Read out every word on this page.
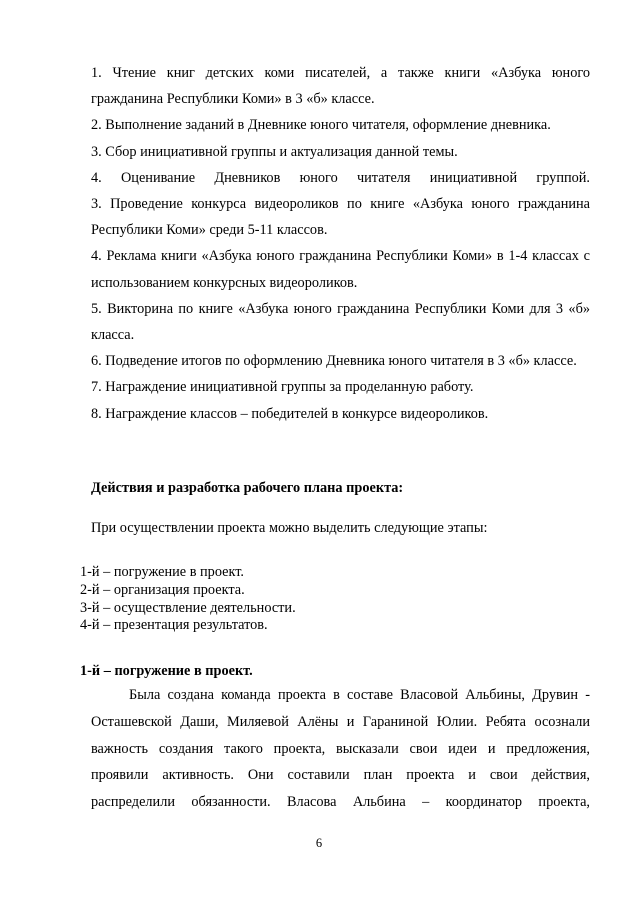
1. Чтение книг детских коми писателей, а также книги «Азбука юного гражданина Республики Коми» в 3 «б» классе.

2. Выполнение заданий в Дневнике юного читателя, оформление дневника.

3. Сбор инициативной группы и актуализация данной темы.

4. Оценивание Дневников юного читателя инициативной группой.

3. Проведение конкурса видеороликов по книге «Азбука юного гражданина Республики Коми» среди 5-11 классов.

4. Реклама книги «Азбука юного гражданина Республики Коми» в 1-4 классах с использованием конкурсных видеороликов.

5. Викторина по книге «Азбука юного гражданина Республики Коми для 3 «б» класса.

6. Подведение итогов по оформлению Дневника юного читателя в 3 «б» классе.

7. Награждение инициативной группы за проделанную работу.

8. Награждение классов – победителей в конкурсе видеороликов.

Действия и разработка рабочего плана проекта:

При осуществлении проекта можно выделить следующие этапы:

1-й – погружение в проект.

2-й – организация проекта.

3-й – осуществление деятельности.

4-й – презентация результатов.

1-й – погружение в проект.

Была создана команда проекта в составе Власовой Альбины, Друвин - Осташевской Даши, Миляевой Алёны и Гараниной Юлии. Ребята осознали важность создания такого проекта, высказали свои идеи и предложения, проявили активность. Они составили план проекта и свои действия, распределили обязанности. Власова Альбина – координатор проекта,

6
